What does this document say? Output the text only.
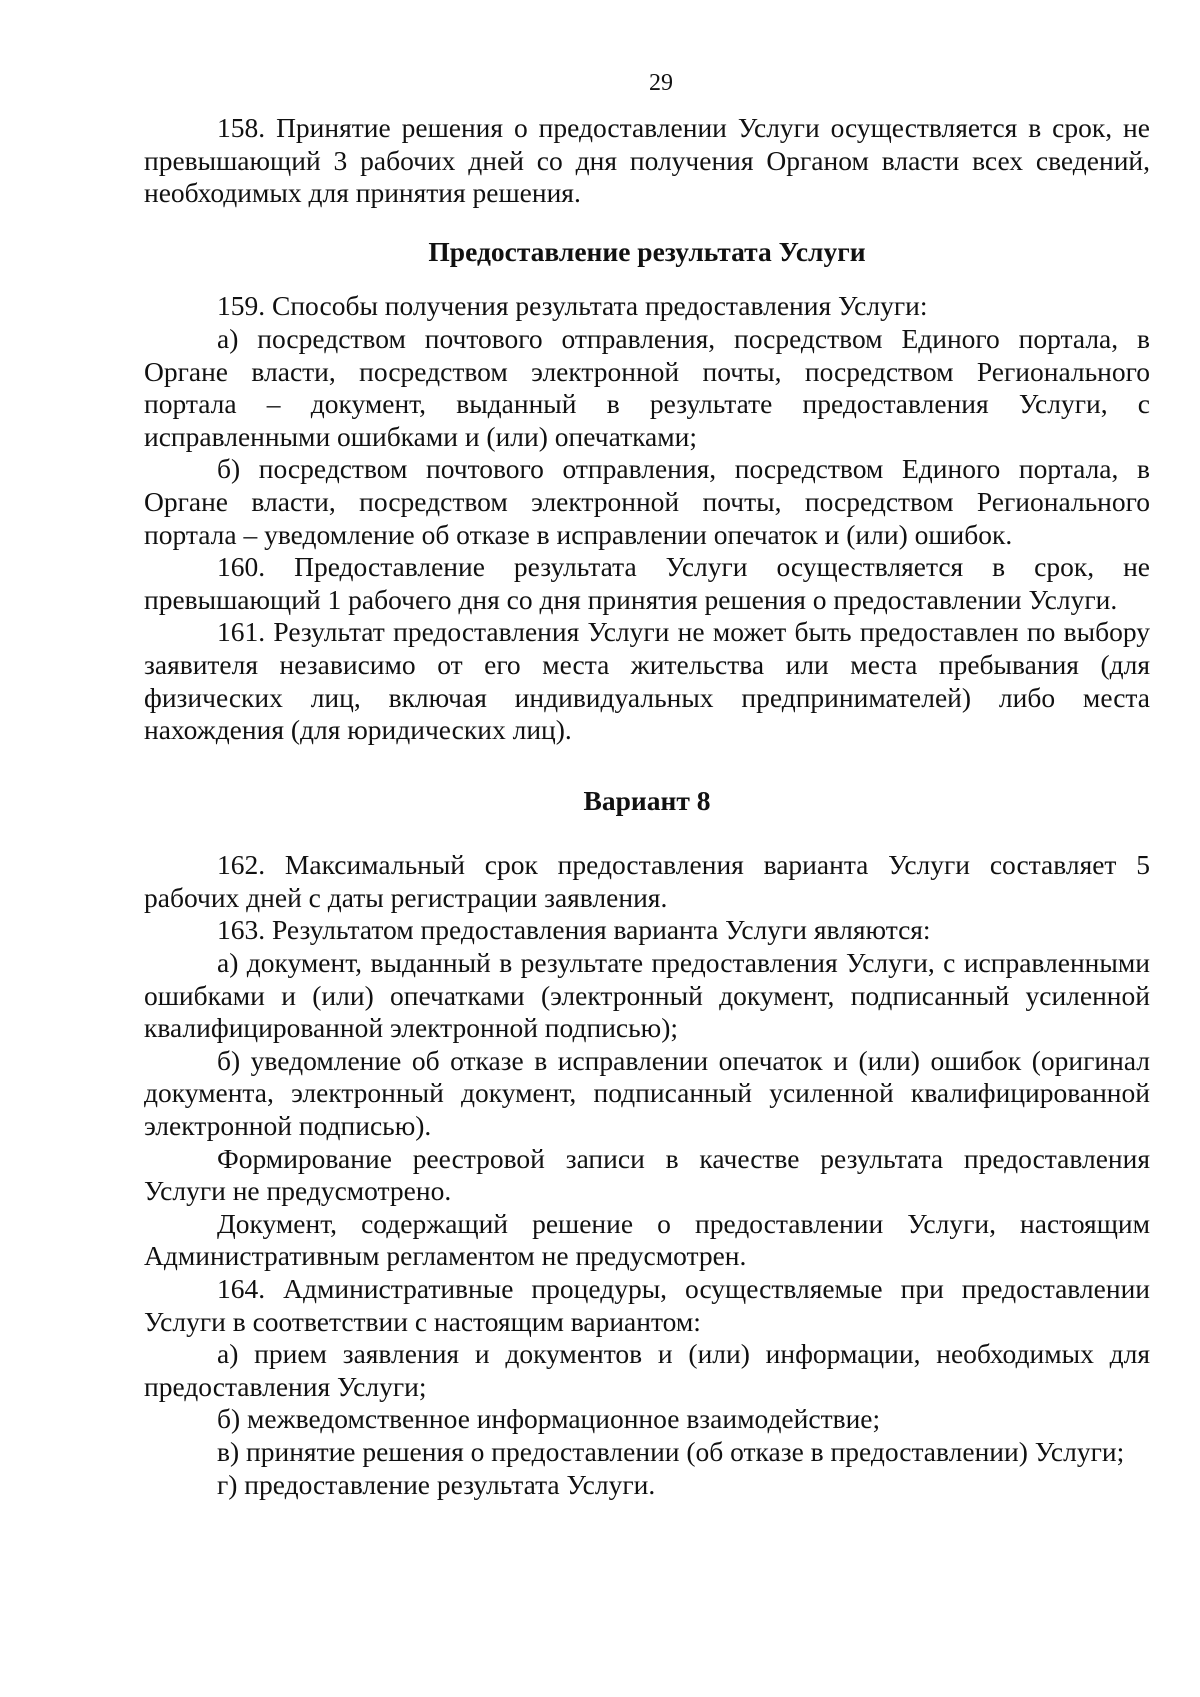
29

158. Принятие решения о предоставлении Услуги осуществляется в срок, не превышающий 3 рабочих дней со дня получения Органом власти всех сведений, необходимых для принятия решения.

Предоставление результата Услуги

159. Способы получения результата предоставления Услуги:

а) посредством почтового отправления, посредством Единого портала, в Органе власти, посредством электронной почты, посредством Регионального портала – документ, выданный в результате предоставления Услуги, с исправленными ошибками и (или) опечатками;

б) посредством почтового отправления, посредством Единого портала, в Органе власти, посредством электронной почты, посредством Регионального портала – уведомление об отказе в исправлении опечаток и (или) ошибок.

160. Предоставление результата Услуги осуществляется в срок, не превышающий 1 рабочего дня со дня принятия решения о предоставлении Услуги.

161. Результат предоставления Услуги не может быть предоставлен по выбору заявителя независимо от его места жительства или места пребывания (для физических лиц, включая индивидуальных предпринимателей) либо места нахождения (для юридических лиц).

Вариант 8

162. Максимальный срок предоставления варианта Услуги составляет 5 рабочих дней с даты регистрации заявления.

163. Результатом предоставления варианта Услуги являются:

а) документ, выданный в результате предоставления Услуги, с исправленными ошибками и (или) опечатками (электронный документ, подписанный усиленной квалифицированной электронной подписью);

б) уведомление об отказе в исправлении опечаток и (или) ошибок (оригинал документа, электронный документ, подписанный усиленной квалифицированной электронной подписью).

Формирование реестровой записи в качестве результата предоставления Услуги не предусмотрено.

Документ, содержащий решение о предоставлении Услуги, настоящим Административным регламентом не предусмотрен.

164. Административные процедуры, осуществляемые при предоставлении Услуги в соответствии с настоящим вариантом:

а) прием заявления и документов и (или) информации, необходимых для предоставления Услуги;

б) межведомственное информационное взаимодействие;

в) принятие решения о предоставлении (об отказе в предоставлении) Услуги;

г) предоставление результата Услуги.
